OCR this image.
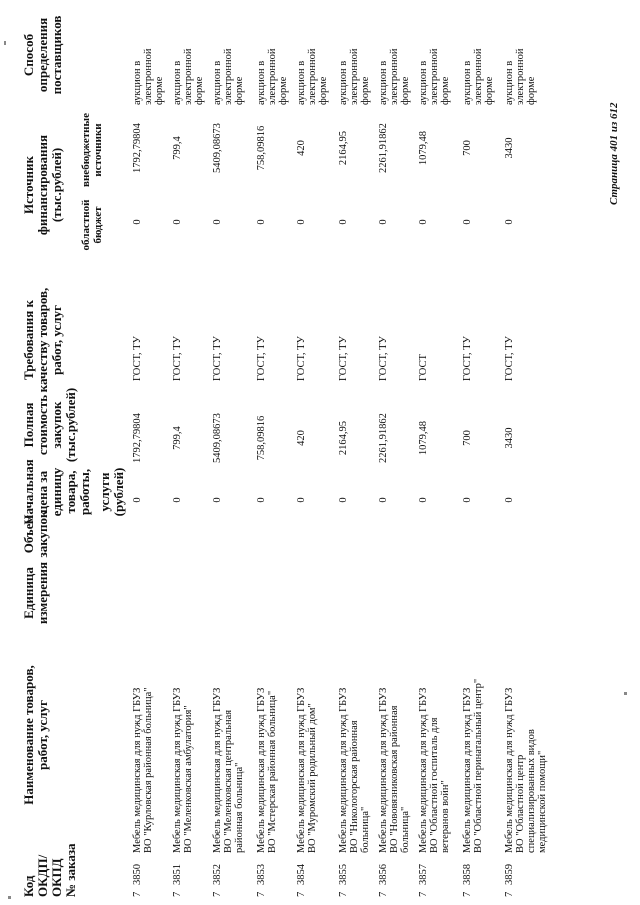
Код ОКДП/ ОКПД № заказа
Наименование товаров, работ, услуг
Единица измерения
Объем закупок
Начальная цена за единицу товара, работы, услуги (рублей)
Полная стоимость закупок (тыс.рублей)
Требования к качеству товаров, работ, услуг
Источник финансирования (тыс.рублей)
областной бюджет
внебюджетные источники
Способ определения поставщиков
7
3850
Мебель медицинская для нужд ГБУЗ ВО "Курловская районная больница"
0
1792,79804
ГОСТ, ТУ
0
1792,79804
аукцион в электронной форме
7
3851
Мебель медицинская для нужд ГБУЗ ВО "Меленковская амбулатория"
0
799,4
ГОСТ, ТУ
0
799,4
аукцион в электронной форме
7
3852
Мебель медицинская для нужд ГБУЗ ВО "Меленковская центральная районная больница"
0
5409,08673
ГОСТ, ТУ
0
5409,08673
аукцион в электронной форме
7
3853
Мебель медицинская для нужд ГБУЗ ВО "Мстерская районная больница"
0
758,09816
ГОСТ, ТУ
0
758,09816
аукцион в электронной форме
7
3854
Мебель медицинская для нужд ГБУЗ ВО "Муромский родильный дом"
0
420
ГОСТ, ТУ
0
420
аукцион в электронной форме
7
3855
Мебель медицинская для нужд ГБУЗ ВО "Никологорская районная больница"
0
2164,95
ГОСТ, ТУ
0
2164,95
аукцион в электронной форме
7
3856
Мебель медицинская для нужд ГБУЗ ВО "Нововязниковская районная больница"
0
2261,91862
ГОСТ, ТУ
0
2261,91862
аукцион в электронной форме
7
3857
Мебель медицинская для нужд ГБУЗ ВО "Областной госпиталь для ветеранов войн"
0
1079,48
ГОСТ
0
1079,48
аукцион в электронной форме
7
3858
Мебель медицинская для нужд ГБУЗ ВО "Областной перинатальный центр"
0
700
ГОСТ, ТУ
0
700
аукцион в электронной форме
7
3859
Мебель медицинская для нужд ГБУЗ ВО "Областной центр специализированных видов медицинской помощи"
0
3430
ГОСТ, ТУ
0
3430
аукцион в электронной форме
Страница 401 из 612
